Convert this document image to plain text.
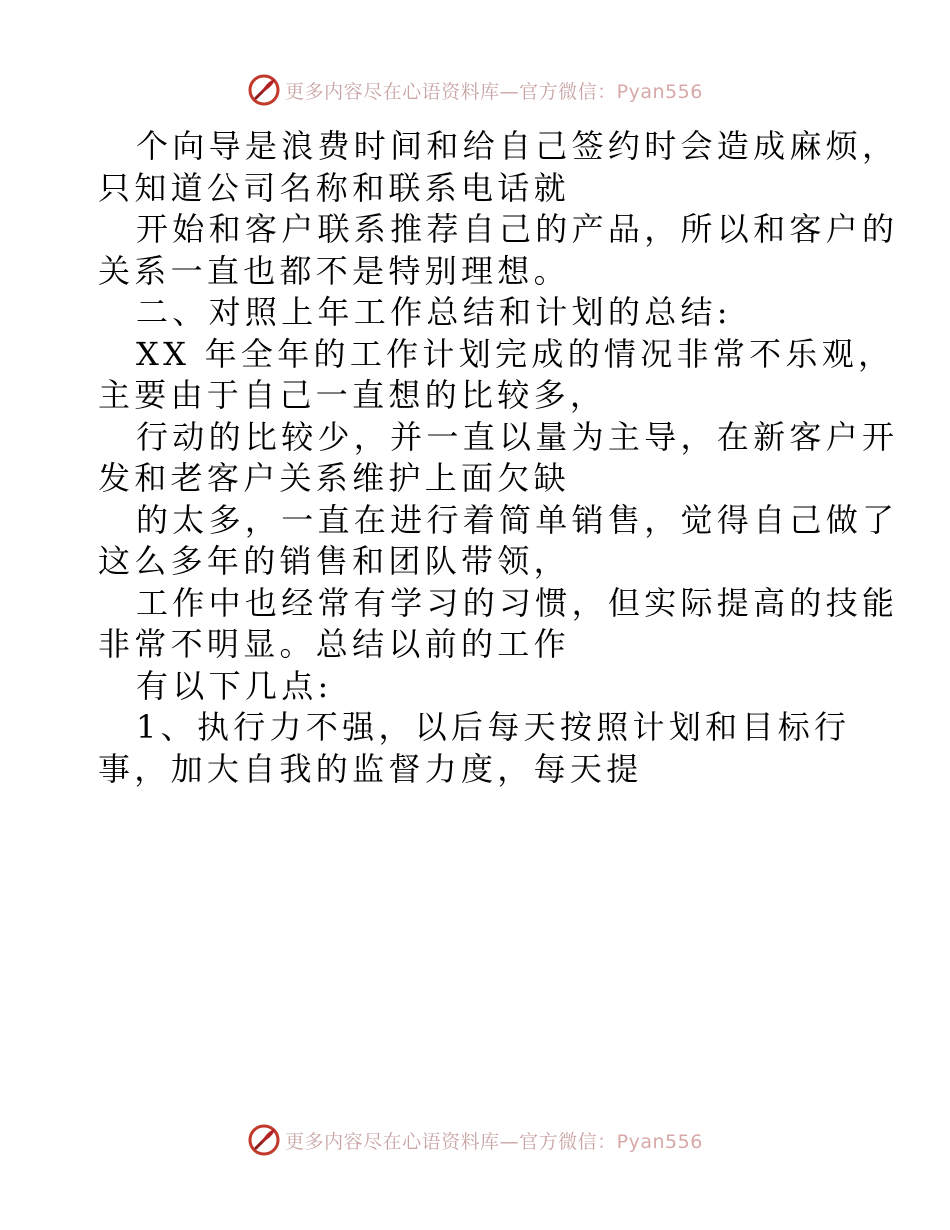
更多内容尽在心语资料库—官方微信：Pyan556
个向导是浪费时间和给自己签约时会造成麻烦，
只知道公司名称和联系电话就
开始和客户联系推荐自己的产品，所以和客户的
关系一直也都不是特别理想。
二、对照上年工作总结和计划的总结:
XX 年全年的工作计划完成的情况非常不乐观，
主要由于自己一直想的比较多，
行动的比较少，并一直以量为主导，在新客户开
发和老客户关系维护上面欠缺
的太多，一直在进行着简单销售，觉得自己做了
这么多年的销售和团队带领，
工作中也经常有学习的习惯，但实际提高的技能
非常不明显。总结以前的工作
有以下几点:
1、执行力不强，以后每天按照计划和目标行
事，加大自我的监督力度，每天提
更多内容尽在心语资料库—官方微信：Pyan556
